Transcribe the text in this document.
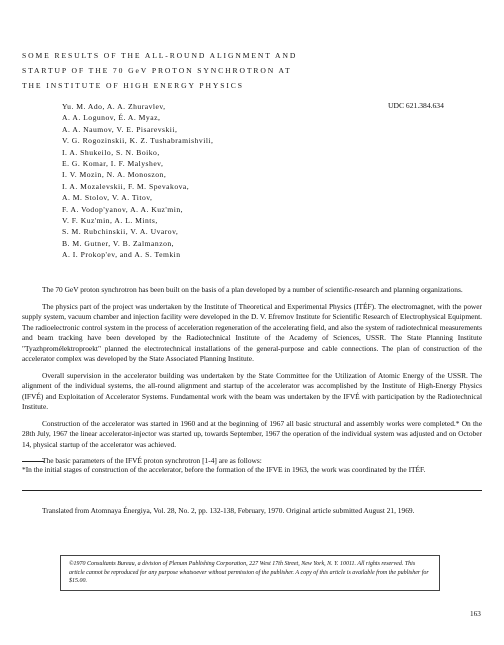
SOME RESULTS OF THE ALL-ROUND ALIGNMENT AND
STARTUP OF THE 70 GeV PROTON SYNCHROTRON AT
THE INSTITUTE OF HIGH ENERGY PHYSICS
UDC 621.384.634
Yu. M. Ado, A. A. Zhuravlev,
A. A. Logunov, É. A. Myaz,
A. A. Naumov, V. E. Pisarevskii,
V. G. Rogozinskii, K. Z. Tushabramishvili,
I. A. Shukeilo, S. N. Boiko,
E. G. Komar, I. F. Malyshev,
I. V. Mozin, N. A. Monoszon,
I. A. Mozalevskii, F. M. Spevakova,
A. M. Stolov, V. A. Titov,
F. A. Vodop'yanov, A. A. Kuz'min,
V. F. Kuz'min, A. L. Mints,
S. M. Rubchinskii, V. A. Uvarov,
B. M. Gutner, V. B. Zalmanzon,
A. I. Prokop'ev, and A. S. Temkin

The 70 GeV proton synchrotron has been built on the basis of a plan developed by a number of scientific-research and planning organizations.

The physics part of the project was undertaken by the Institute of Theoretical and Experimental Physics (ITÉF). The electromagnet, with the power supply system, vacuum chamber and injection facility were developed in the D. V. Efremov Institute for Scientific Research of Electrophysical Equipment. The radioelectronic control system in the process of acceleration regeneration of the accelerating field, and also the system of radiotechnical measurements and beam tracking have been developed by the Radiotechnical Institute of the Academy of Sciences, USSR. The State Planning Institute "Tyazhpromélektroproekt" planned the electrotechnical installations of the general-purpose and cable connections. The plan of construction of the accelerator complex was developed by the State Associated Planning Institute.

Overall supervision in the accelerator building was undertaken by the State Committee for the Utilization of Atomic Energy of the USSR. The alignment of the individual systems, the all-round alignment and startup of the accelerator was accomplished by the Institute of High-Energy Physics (IFVÉ) and Exploitation of Accelerator Systems. Fundamental work with the beam was undertaken by the IFVÉ with participation by the Radiotechnical Institute.

Construction of the accelerator was started in 1960 and at the beginning of 1967 all basic structural and assembly works were completed.* On the 28th July, 1967 the linear accelerator-injector was started up, towards September, 1967 the operation of the individual system was adjusted and on October 14, physical startup of the accelerator was achieved.

The basic parameters of the IFVÉ proton synchrotron [1-4] are as follows:

*In the initial stages of construction of the accelerator, before the formation of the IFVE in 1963, the work was coordinated by the ITÉF.

Translated from Atomnaya Énergiya, Vol. 28, No. 2, pp. 132-138, February, 1970. Original article submitted August 21, 1969.

©1970 Consultants Bureau, a division of Plenum Publishing Corporation, 227 West 17th Street, New York, N. Y. 10011. All rights reserved. This article cannot be reproduced for any purpose whatsoever without permission of the publisher. A copy of this article is available from the publisher for $15.00.
163
